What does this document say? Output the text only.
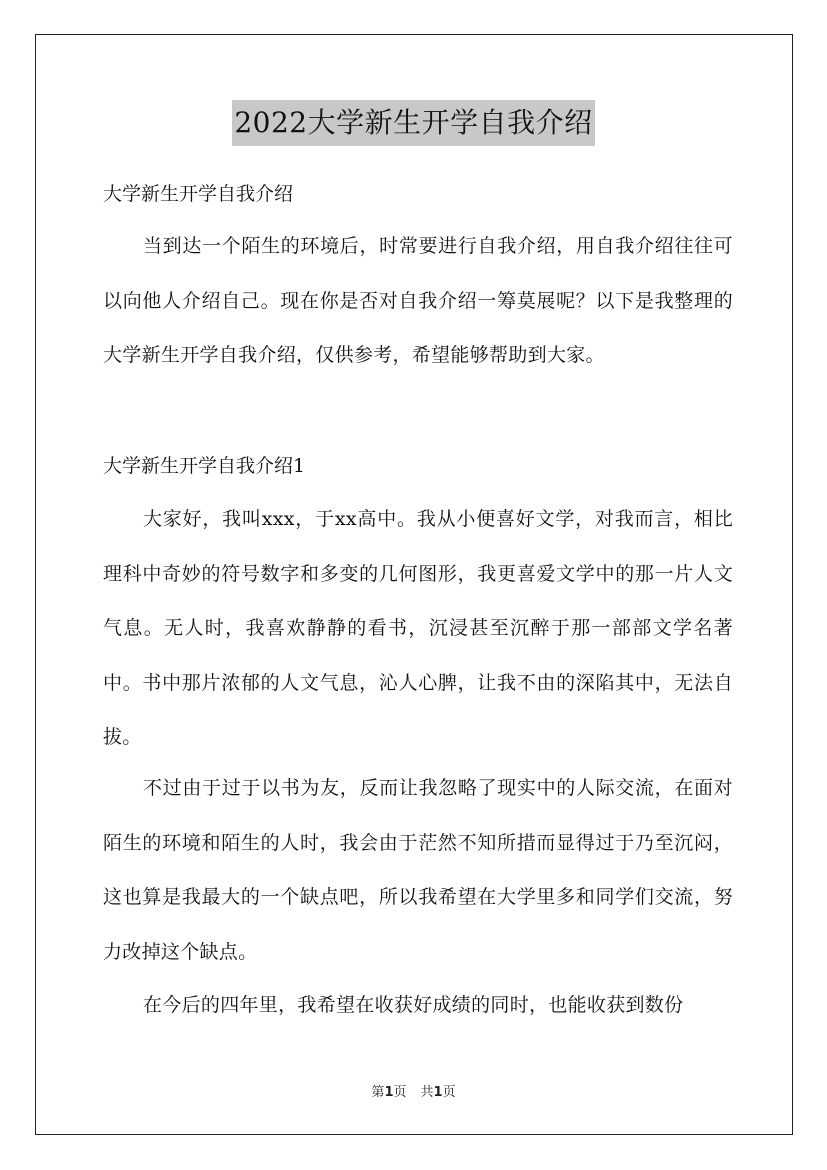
2022大学新生开学自我介绍
大学新生开学自我介绍

当到达一个陌生的环境后，时常要进行自我介绍，用自我介绍往往可以向他人介绍自己。现在你是否对自我介绍一筹莫展呢？以下是我整理的大学新生开学自我介绍，仅供参考，希望能够帮助到大家。

大学新生开学自我介绍1

大家好，我叫xxx，于xx高中。我从小便喜好文学，对我而言，相比理科中奇妙的符号数字和多变的几何图形，我更喜爱文学中的那一片人文气息。无人时，我喜欢静静的看书，沉浸甚至沉醉于那一部部文学名著中。书中那片浓郁的人文气息，沁人心脾，让我不由的深陷其中，无法自拔。

不过由于过于以书为友，反而让我忽略了现实中的人际交流，在面对陌生的环境和陌生的人时，我会由于茫然不知所措而显得过于乃至沉闷，这也算是我最大的一个缺点吧，所以我希望在大学里多和同学们交流，努力改掉这个缺点。

在今后的四年里，我希望在收获好成绩的同时，也能收获到数份

第1页 共1页
